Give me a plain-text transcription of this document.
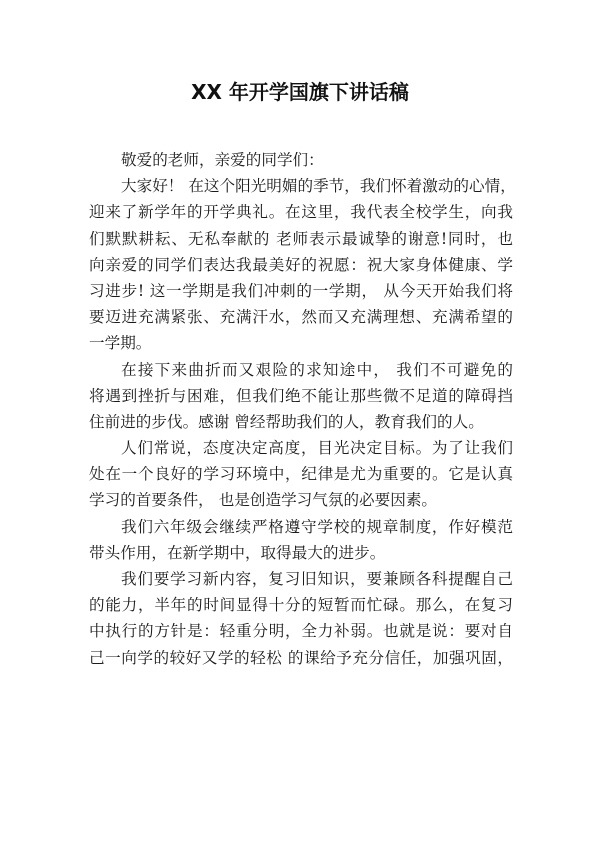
XX 年开学国旗下讲话稿
敬爱的老师，亲爱的同学们：
大家好！ 在这个阳光明媚的季节，我们怀着激动的心情，
迎来了新学年的开学典礼。在这里，我代表全校学生，向我
们默默耕耘、无私奉献的 老师表示最诚挚的谢意!同时，也
向亲爱的同学们表达我最美好的祝愿：祝大家身体健康、学
习进步! 这一学期是我们冲刺的一学期， 从今天开始我们将
要迈进充满紧张、充满汗水，然而又充满理想、充满希望的
一学期。
在接下来曲折而又艰险的求知途中， 我们不可避免的
将遇到挫折与困难，但我们绝不能让那些微不足道的障碍挡
住前进的步伐。感谢 曾经帮助我们的人，教育我们的人。
人们常说，态度决定高度，目光决定目标。为了让我们
处在一个良好的学习环境中，纪律是尤为重要的。它是认真
学习的首要条件， 也是创造学习气氛的必要因素。
我们六年级会继续严格遵守学校的规章制度，作好模范
带头作用，在新学期中，取得最大的进步。
我们要学习新内容，复习旧知识，要兼顾各科提醒自己
的能力，半年的时间显得十分的短暂而忙碌。那么，在复习
中执行的方针是：轻重分明，全力补弱。也就是说：要对自
己一向学的较好又学的轻松 的课给予充分信任，加强巩固，
